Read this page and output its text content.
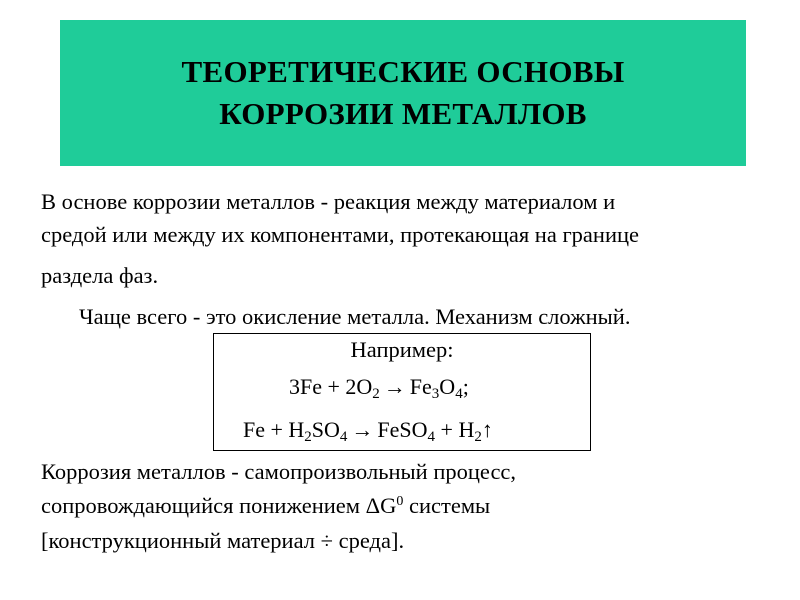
ТЕОРЕТИЧЕСКИЕ ОСНОВЫ
КОРРОЗИИ МЕТАЛЛОВ
В основе коррозии металлов - реакция между материалом и
средой или между их компонентами, протекающая на границе
раздела фаз.
Чаще всего - это окисление металла. Механизм сложный.
Например:
$3Fe + 2O_2 \to Fe_3O_4$;
$Fe + H_2SO_4$ → FeSO$_4$ + $H_2↑$
Коррозия металлов - самопроизвольный процесс,
сопровождающийся понижением $\Delta G^0$ системы
[конструкционный материал ÷ среда].
